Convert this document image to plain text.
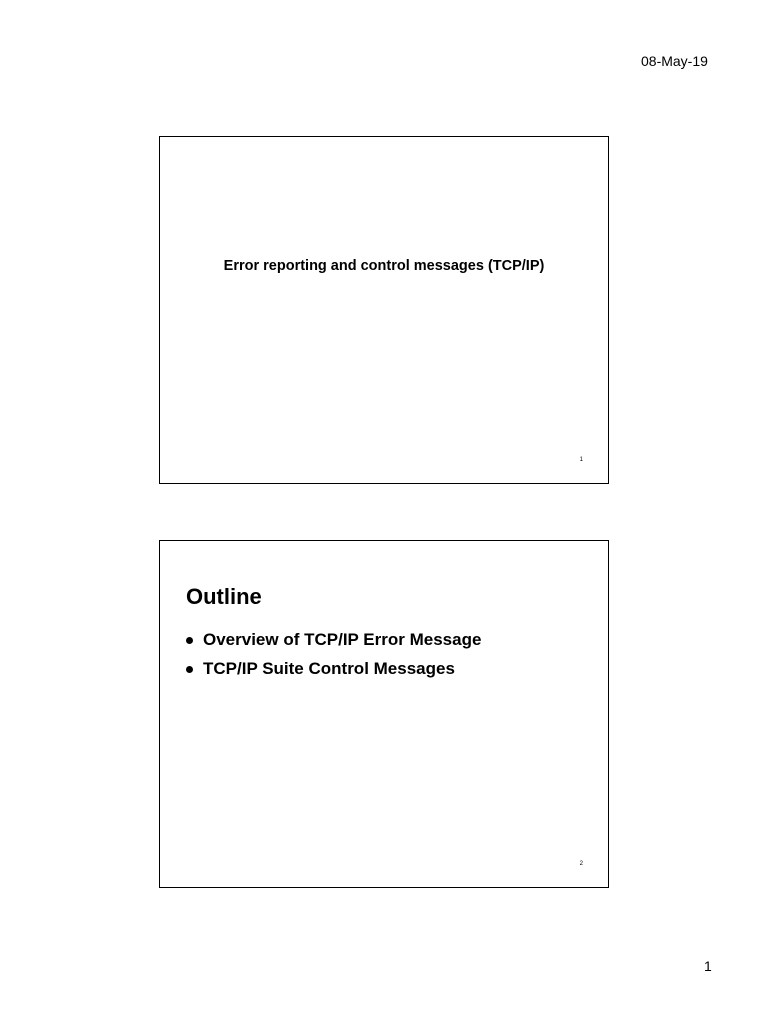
08-May-19
Error reporting and control messages (TCP/IP)
1
Outline
Overview of TCP/IP Error Message
TCP/IP Suite Control Messages
2
1
